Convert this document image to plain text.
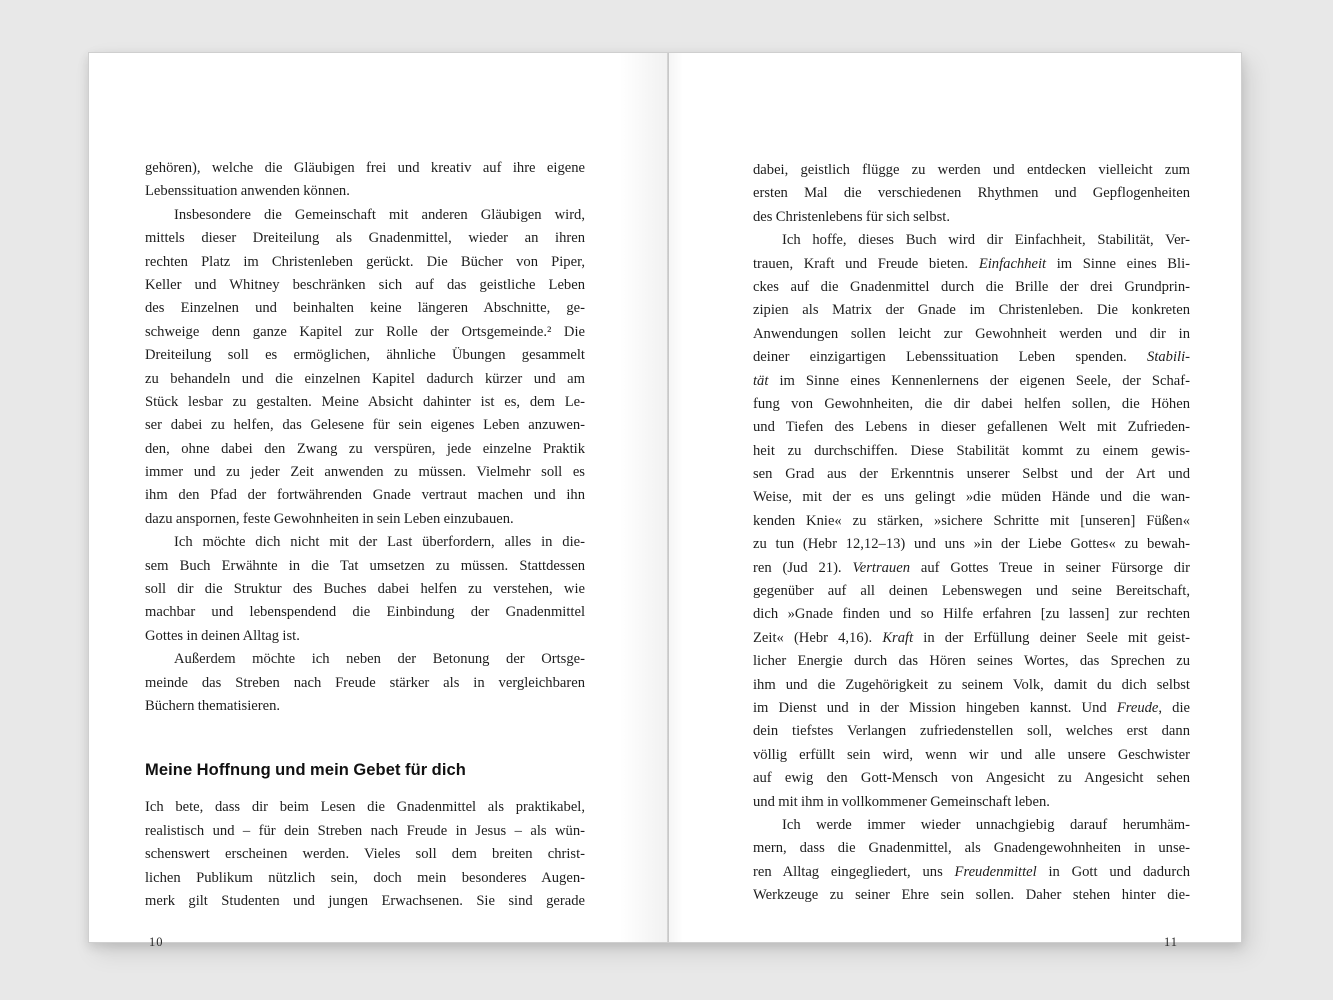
gehören), welche die Gläubigen frei und kreativ auf ihre eigene
Lebenssituation anwenden können.
Insbesondere die Gemeinschaft mit anderen Gläubigen wird,
mittels dieser Dreiteilung als Gnadenmittel, wieder an ihren
rechten Platz im Christenleben gerückt. Die Bücher von Piper,
Keller und Whitney beschränken sich auf das geistliche Leben
des Einzelnen und beinhalten keine längeren Abschnitte, ge-
schweige denn ganze Kapitel zur Rolle der Ortsgemeinde.² Die
Dreiteilung soll es ermöglichen, ähnliche Übungen gesammelt
zu behandeln und die einzelnen Kapitel dadurch kürzer und am
Stück lesbar zu gestalten. Meine Absicht dahinter ist es, dem Le-
ser dabei zu helfen, das Gelesene für sein eigenes Leben anzuwen-
den, ohne dabei den Zwang zu verspüren, jede einzelne Praktik
immer und zu jeder Zeit anwenden zu müssen. Vielmehr soll es
ihm den Pfad der fortwährenden Gnade vertraut machen und ihn
dazu anspornen, feste Gewohnheiten in sein Leben einzubauen.
Ich möchte dich nicht mit der Last überfordern, alles in die-
sem Buch Erwähnte in die Tat umsetzen zu müssen. Stattdessen
soll dir die Struktur des Buches dabei helfen zu verstehen, wie
machbar und lebenspendend die Einbindung der Gnadenmittel
Gottes in deinen Alltag ist.
Außerdem möchte ich neben der Betonung der Ortsge-
meinde das Streben nach Freude stärker als in vergleichbaren
Büchern thematisieren.
Meine Hoffnung und mein Gebet für dich
Ich bete, dass dir beim Lesen die Gnadenmittel als praktikabel,
realistisch und – für dein Streben nach Freude in Jesus – als wün-
schenswert erscheinen werden. Vieles soll dem breiten christ-
lichen Publikum nützlich sein, doch mein besonderes Augen-
merk gilt Studenten und jungen Erwachsenen. Sie sind gerade
10
dabei, geistlich flügge zu werden und entdecken vielleicht zum
ersten Mal die verschiedenen Rhythmen und Gepflogenheiten
des Christenlebens für sich selbst.
Ich hoffe, dieses Buch wird dir Einfachheit, Stabilität, Ver-
trauen, Kraft und Freude bieten. Einfachheit im Sinne eines Bli-
ckes auf die Gnadenmittel durch die Brille der drei Grundprin-
zipien als Matrix der Gnade im Christenleben. Die konkreten
Anwendungen sollen leicht zur Gewohnheit werden und dir in
deiner einzigartigen Lebenssituation Leben spenden. Stabili-
tät im Sinne eines Kennenlernens der eigenen Seele, der Schaf-
fung von Gewohnheiten, die dir dabei helfen sollen, die Höhen
und Tiefen des Lebens in dieser gefallenen Welt mit Zufrieden-
heit zu durchschiffen. Diese Stabilität kommt zu einem gewis-
sen Grad aus der Erkenntnis unserer Selbst und der Art und
Weise, mit der es uns gelingt »die müden Hände und die wan-
kenden Knie« zu stärken, »sichere Schritte mit [unseren] Füßen«
zu tun (Hebr 12,12–13) und uns »in der Liebe Gottes« zu bewah-
ren (Jud 21). Vertrauen auf Gottes Treue in seiner Fürsorge dir
gegenüber auf all deinen Lebenswegen und seine Bereitschaft,
dich »Gnade finden und so Hilfe erfahren [zu lassen] zur rechten
Zeit« (Hebr 4,16). Kraft in der Erfüllung deiner Seele mit geist-
licher Energie durch das Hören seines Wortes, das Sprechen zu
ihm und die Zugehörigkeit zu seinem Volk, damit du dich selbst
im Dienst und in der Mission hingeben kannst. Und Freude, die
dein tiefstes Verlangen zufriedenstellen soll, welches erst dann
völlig erfüllt sein wird, wenn wir und alle unsere Geschwister
auf ewig den Gott-Mensch von Angesicht zu Angesicht sehen
und mit ihm in vollkommener Gemeinschaft leben.
Ich werde immer wieder unnachgiebig darauf herumhäm-
mern, dass die Gnadenmittel, als Gnadengewohnheiten in unse-
ren Alltag eingegliedert, uns Freudenmittel in Gott und dadurch
Werkzeuge zu seiner Ehre sein sollen. Daher stehen hinter die-
11
